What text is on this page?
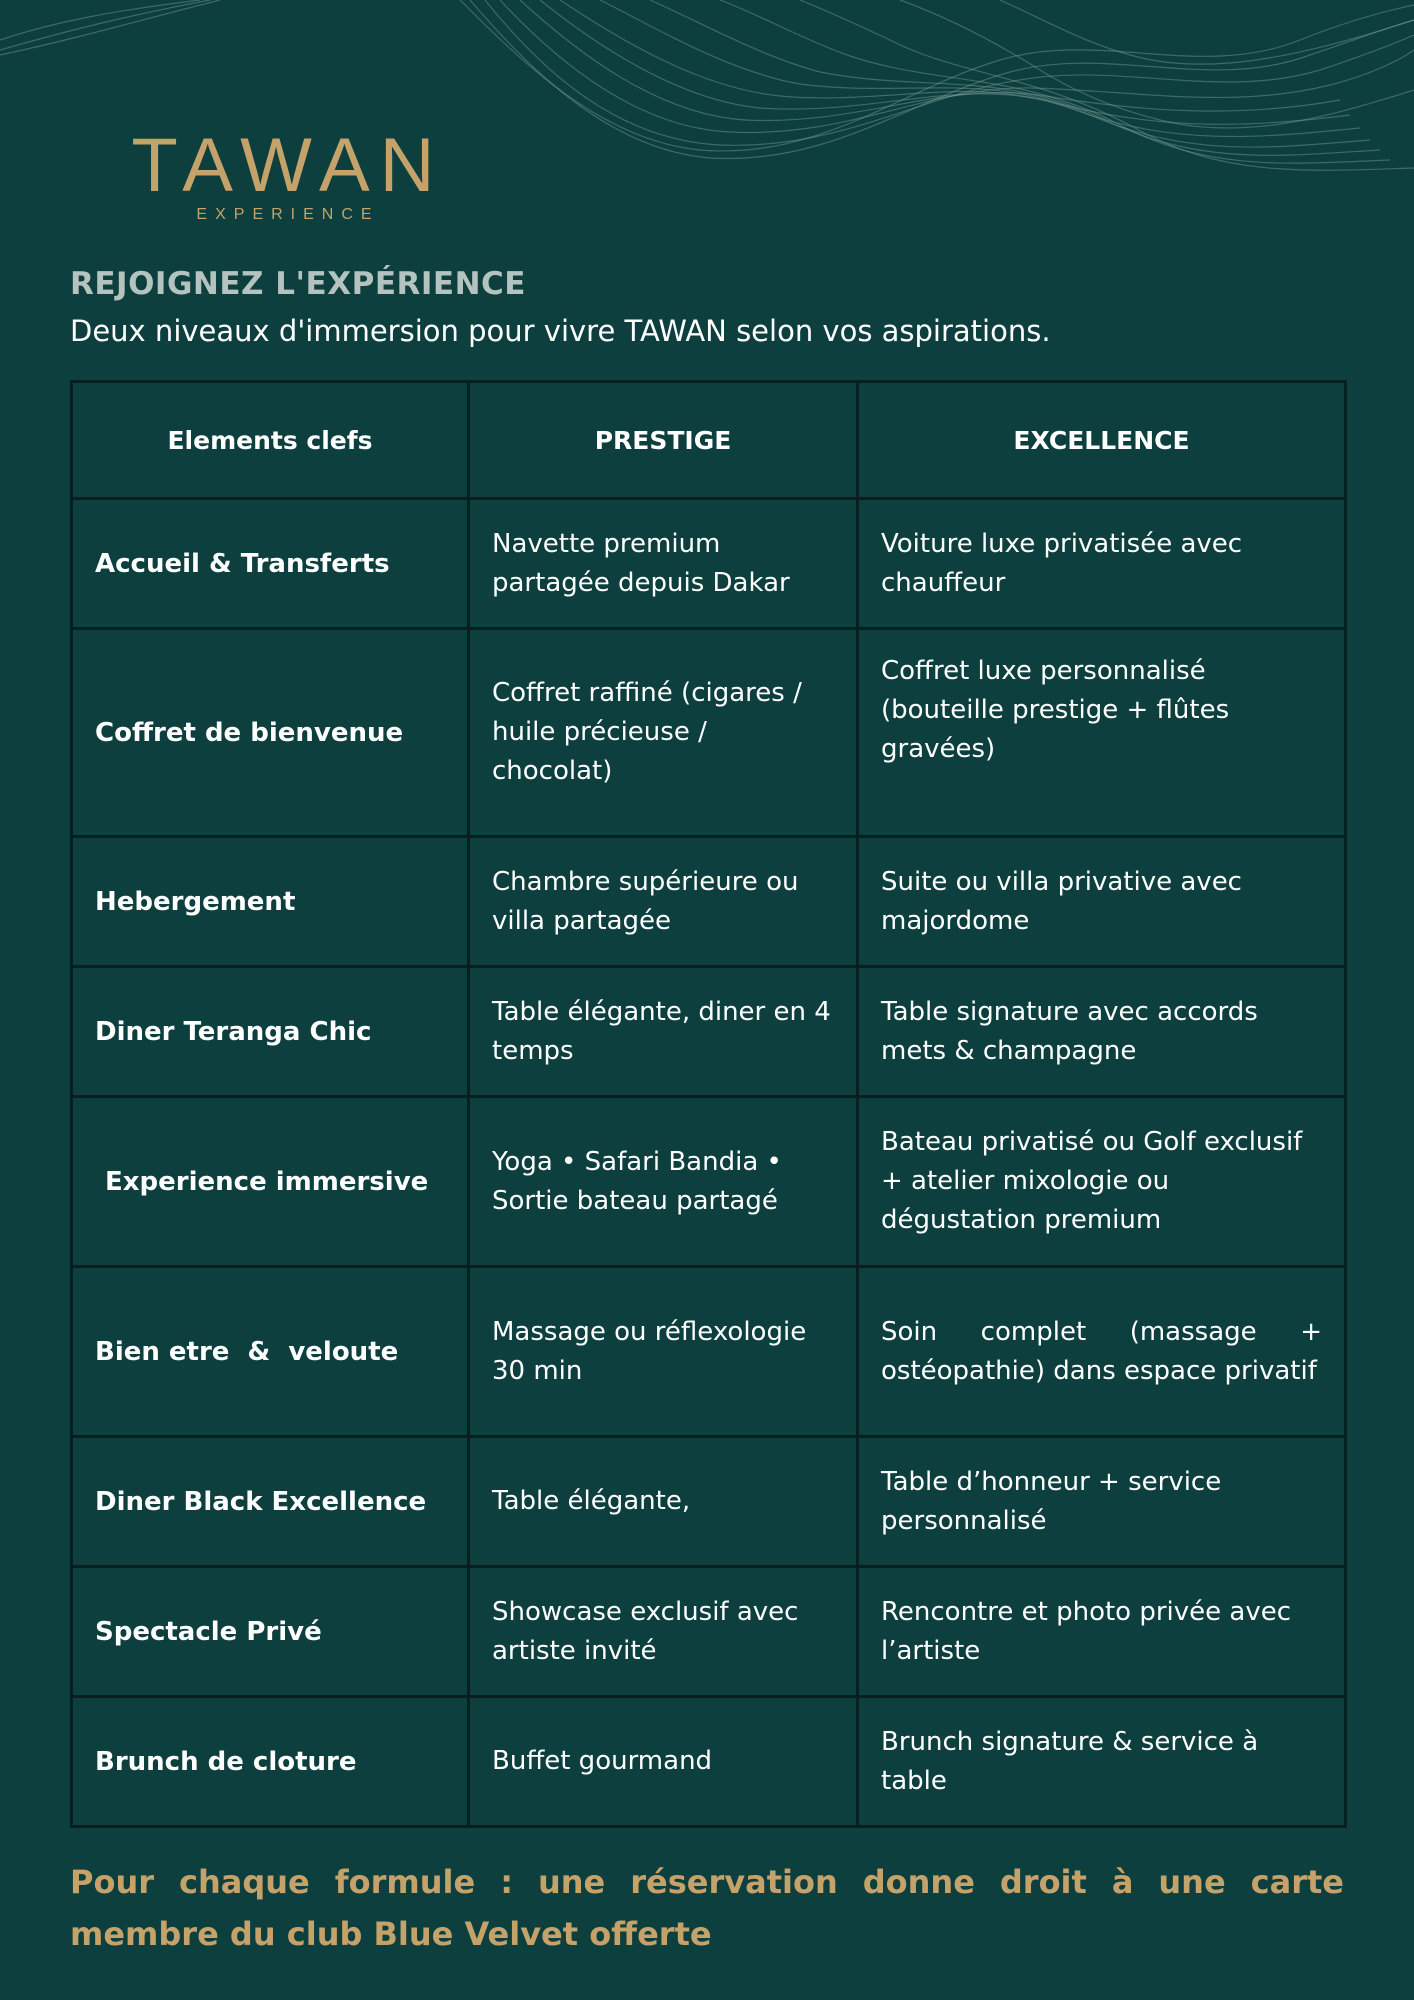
TAWAN
EXPERIENCE
REJOIGNEZ L'EXPÉRIENCE
Deux niveaux d'immersion pour vivre TAWAN selon vos aspirations.
Elements clefs	PRESTIGE	EXCELLENCE
Accueil & Transferts	Navette premium partagée depuis Dakar	Voiture luxe privatisée avec chauffeur
Coffret de bienvenue	Coffret raffiné (cigares / huile précieuse / chocolat)	Coffret luxe personnalisé (bouteille prestige + flûtes gravées)
Hebergement	Chambre supérieure ou villa partagée	Suite ou villa privative avec majordome
Diner Teranga Chic	Table élégante, diner en 4 temps	Table signature avec accords mets & champagne
Experience immersive	Yoga • Safari Bandia • Sortie bateau partagé	Bateau privatisé ou Golf exclusif + atelier mixologie ou dégustation premium
Bien etre  &  veloute	Massage ou réflexologie 30 min	Soin complet (massage + ostéopathie) dans espace privatif
Diner Black Excellence	Table élégante,	Table d’honneur + service personnalisé
Spectacle Privé	Showcase exclusif avec artiste invité	Rencontre et photo privée avec l’artiste
Brunch de cloture	Buffet gourmand	Brunch signature & service à table
Pour chaque formule : une réservation donne droit à une carte membre du club Blue Velvet offerte
